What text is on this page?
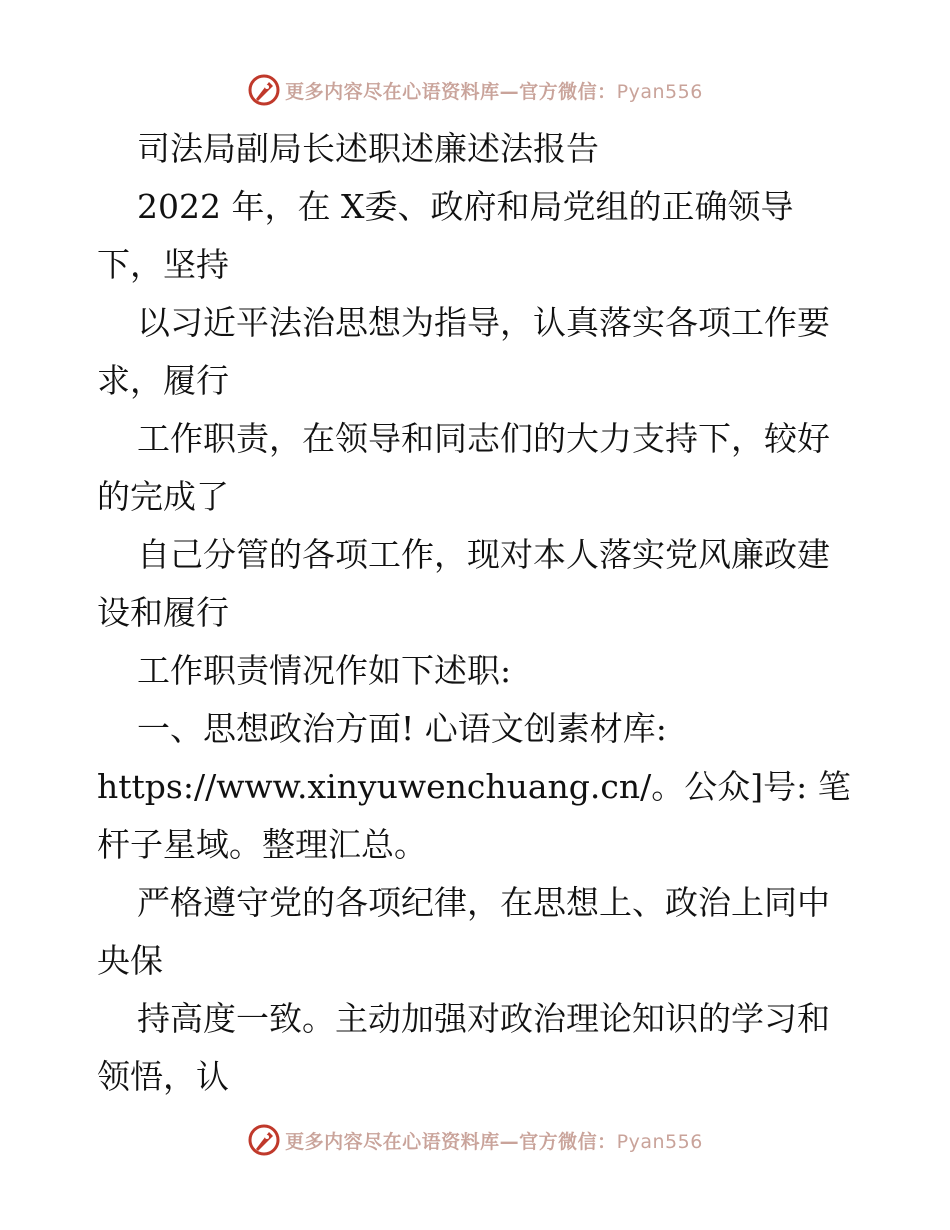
更多内容尽在心语资料库—官方微信：Pyan556

司法局副局长述职述廉述法报告

2022 年，在 X委、政府和局党组的正确领导

下，坚持

以习近平法治思想为指导，认真落实各项工作要

求，履行

工作职责，在领导和同志们的大力支持下，较好

的完成了

自己分管的各项工作，现对本人落实党风廉政建

设和履行

工作职责情况作如下述职:

一、思想政治方面! 心语文创素材库:

https://www.xinyuwenchuang.cn/。公众]号: 笔

杆子星域。整理汇总。

严格遵守党的各项纪律，在思想上、政治上同中

央保

持高度一致。主动加强对政治理论知识的学习和

领悟，认

更多内容尽在心语资料库—官方微信：Pyan556
